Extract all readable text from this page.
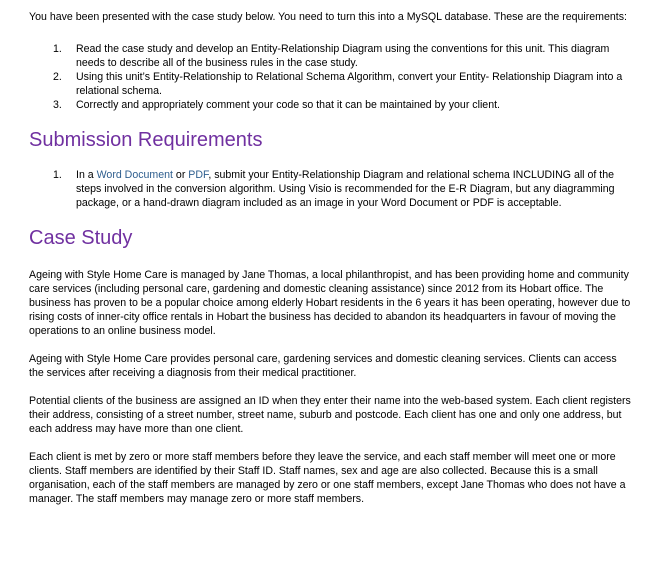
You have been presented with the case study below. You need to turn this into a MySQL database. These are the requirements:

1. Read the case study and develop an Entity-Relationship Diagram using the conventions for this unit. This diagram needs to describe all of the business rules in the case study.
2. Using this unit’s Entity-Relationship to Relational Schema Algorithm, convert your Entity- Relationship Diagram into a relational schema.
3. Correctly and appropriately comment your code so that it can be maintained by your client.
Submission Requirements
1. In a Word Document or PDF, submit your Entity-Relationship Diagram and relational schema INCLUDING all of the steps involved in the conversion algorithm. Using Visio is recommended for the E-R Diagram, but any diagramming package, or a hand-drawn diagram included as an image in your Word Document or PDF is acceptable.
Case Study

Ageing with Style Home Care is managed by Jane Thomas, a local philanthropist, and has been providing home and community care services (including personal care, gardening and domestic cleaning assistance) since 2012 from its Hobart office. The business has proven to be a popular choice among elderly Hobart residents in the 6 years it has been operating, however due to rising costs of inner-city office rentals in Hobart the business has decided to abandon its headquarters in favour of moving the operations to an online business model.

Ageing with Style Home Care provides personal care, gardening services and domestic cleaning services. Clients can access the services after receiving a diagnosis from their medical practitioner.

Potential clients of the business are assigned an ID when they enter their name into the web-based system. Each client registers their address, consisting of a street number, street name, suburb and postcode. Each client has one and only one address, but each address may have more than one client.

Each client is met by zero or more staff members before they leave the service, and each staff member will meet one or more clients. Staff members are identified by their Staff ID. Staff names, sex and age are also collected. Because this is a small organisation, each of the staff members are managed by zero or one staff members, except Jane Thomas who does not have a manager. The staff members may manage zero or more staff members.
